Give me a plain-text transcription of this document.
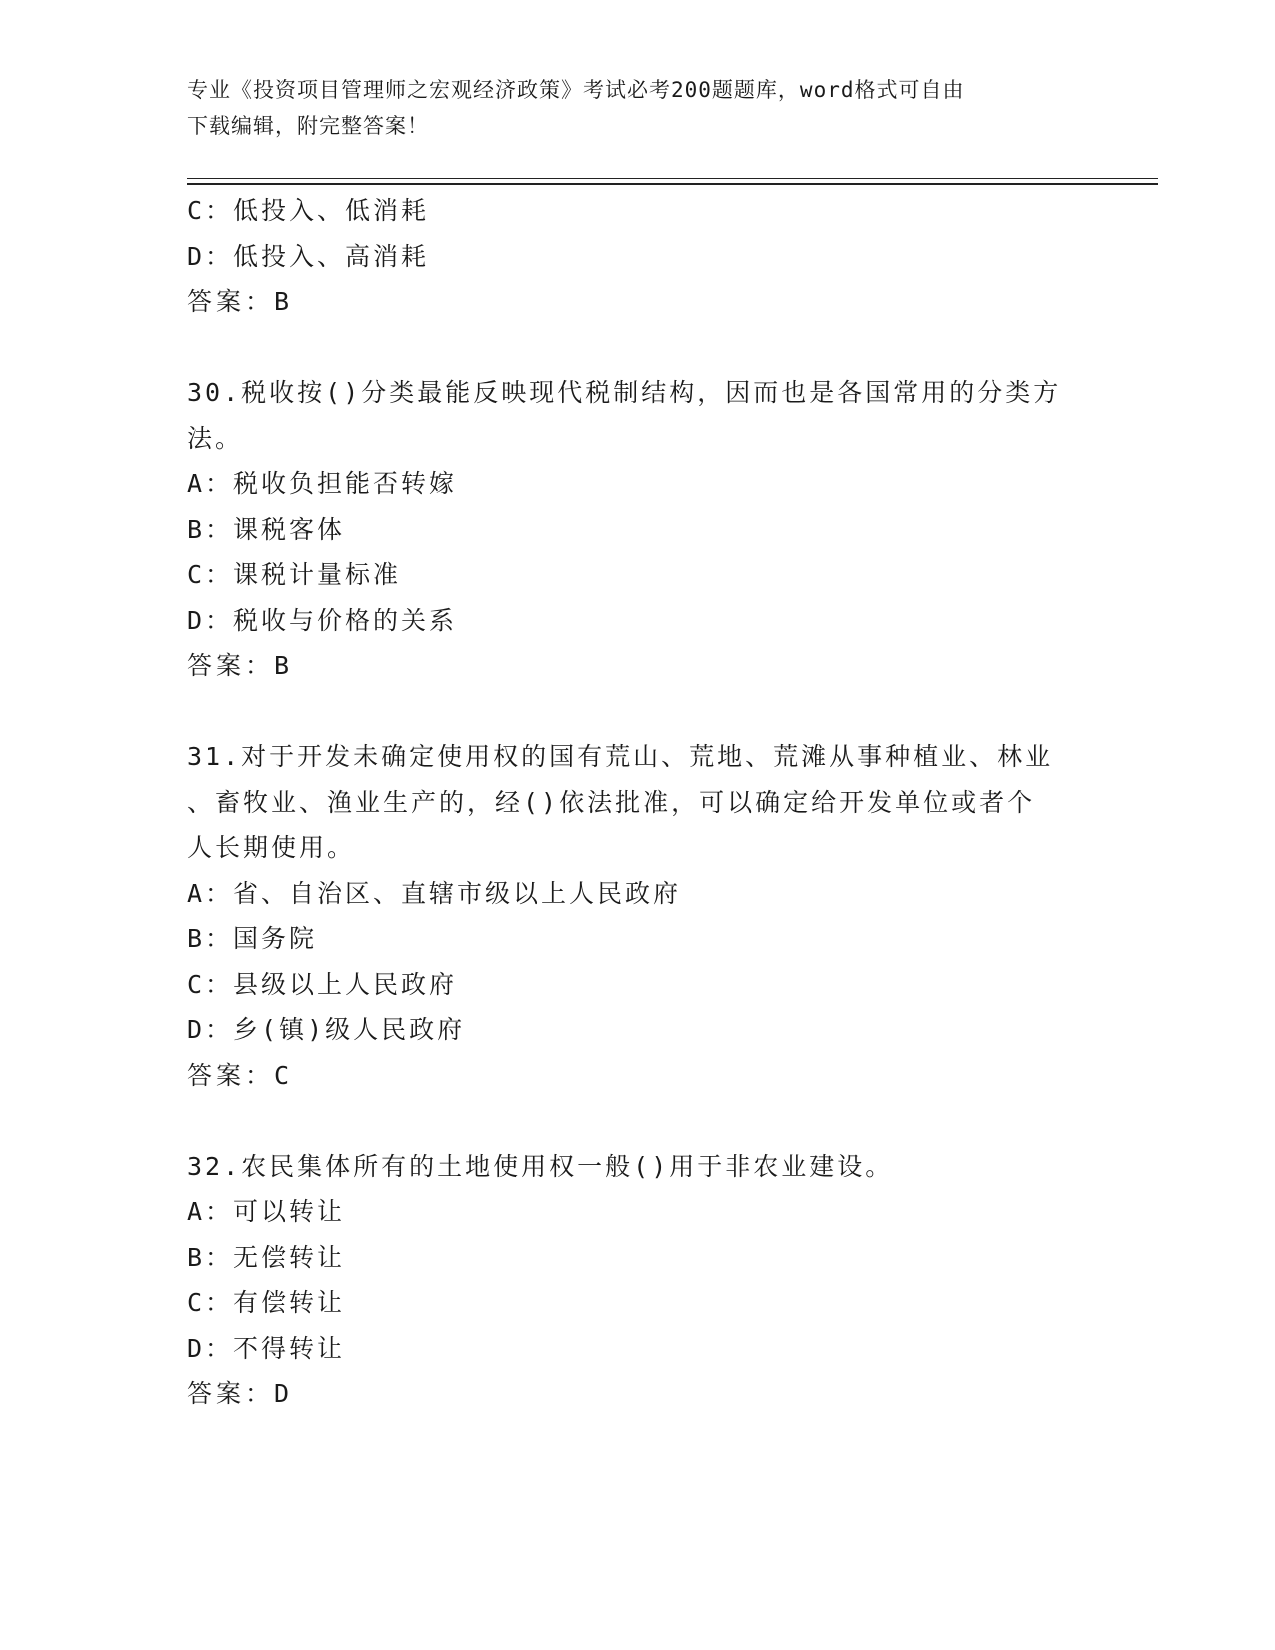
专业《投资项目管理师之宏观经济政策》考试必考200题题库，word格式可自由
下载编辑，附完整答案！
C：低投入、低消耗
D：低投入、高消耗
答案：B
30.税收按()分类最能反映现代税制结构，因而也是各国常用的分类方
法。
A：税收负担能否转嫁
B：课税客体
C：课税计量标准
D：税收与价格的关系
答案：B
31.对于开发未确定使用权的国有荒山、荒地、荒滩从事种植业、林业
、畜牧业、渔业生产的，经()依法批准，可以确定给开发单位或者个
人长期使用。
A：省、自治区、直辖市级以上人民政府
B：国务院
C：县级以上人民政府
D：乡(镇)级人民政府
答案：C
32.农民集体所有的土地使用权一般()用于非农业建设。
A：可以转让
B：无偿转让
C：有偿转让
D：不得转让
答案：D
